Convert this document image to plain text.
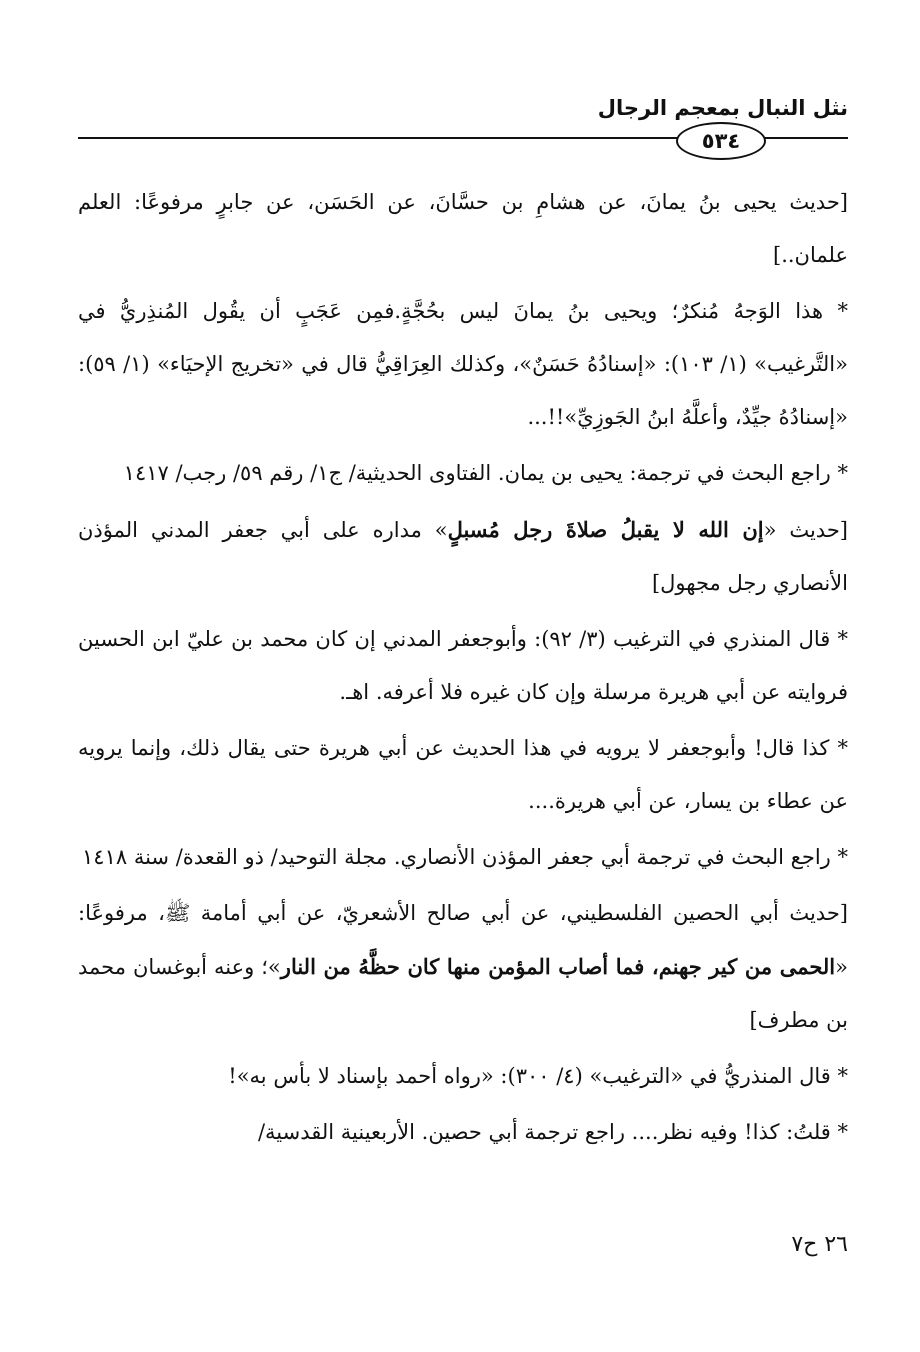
نثل النبال بمعجم الرجال
٥٣٤

[حديث يحيى بنُ يمانَ، عن هشامِ بن حسَّانَ، عن الحَسَن، عن جابرٍ مرفوعًا: العلم علمان..]

* هذا الوَجهُ مُنكرٌ؛ ويحيى بنُ يمانَ ليس بحُجَّةٍ.فمِن عَجَبٍ أن يقُول المُنذِريُّ في «التَّرغيب» (١/ ١٠٣): «إسنادُهُ حَسَنٌ»، وكذلك العِرَاقِيُّ قال في «تخريج الإحيَاء» (١/ ٥٩): «إسنادُهُ جيِّدٌ، وأعلَّهُ ابنُ الجَوزِيِّ»!!...

* راجع البحث في ترجمة: يحيى بن يمان. الفتاوى الحديثية/ ج١/ رقم ٥٩/ رجب/ ١٤١٧

[حديث «إن الله لا يقبلُ صلاةَ رجل مُسبلٍ» مداره على أبي جعفر المدني المؤذن الأنصاري رجل مجهول]

* قال المنذري في الترغيب (٣/ ٩٢): وأبوجعفر المدني إن كان محمد بن عليّ ابن الحسين فروايته عن أبي هريرة مرسلة وإن كان غيره فلا أعرفه. اهـ.

* كذا قال! وأبوجعفر لا يرويه في هذا الحديث عن أبي هريرة حتى يقال ذلك، وإنما يرويه عن عطاء بن يسار، عن أبي هريرة....

* راجع البحث في ترجمة أبي جعفر المؤذن الأنصاري. مجلة التوحيد/ ذو القعدة/ سنة ١٤١٨

[حديث أبي الحصين الفلسطيني، عن أبي صالح الأشعريّ، عن أبي أمامة ﷺ، مرفوعًا: «الحمى من كير جهنم، فما أصاب المؤمن منها كان حظَّهُ من النار»؛ وعنه أبوغسان محمد بن مطرف]

* قال المنذريُّ في «الترغيب» (٤/ ٣٠٠): «رواه أحمد بإسناد لا بأس به»!

* قلتُ: كذا! وفيه نظر.... راجع ترجمة أبي حصين. الأربعينية القدسية/

٢٦ ح٧
